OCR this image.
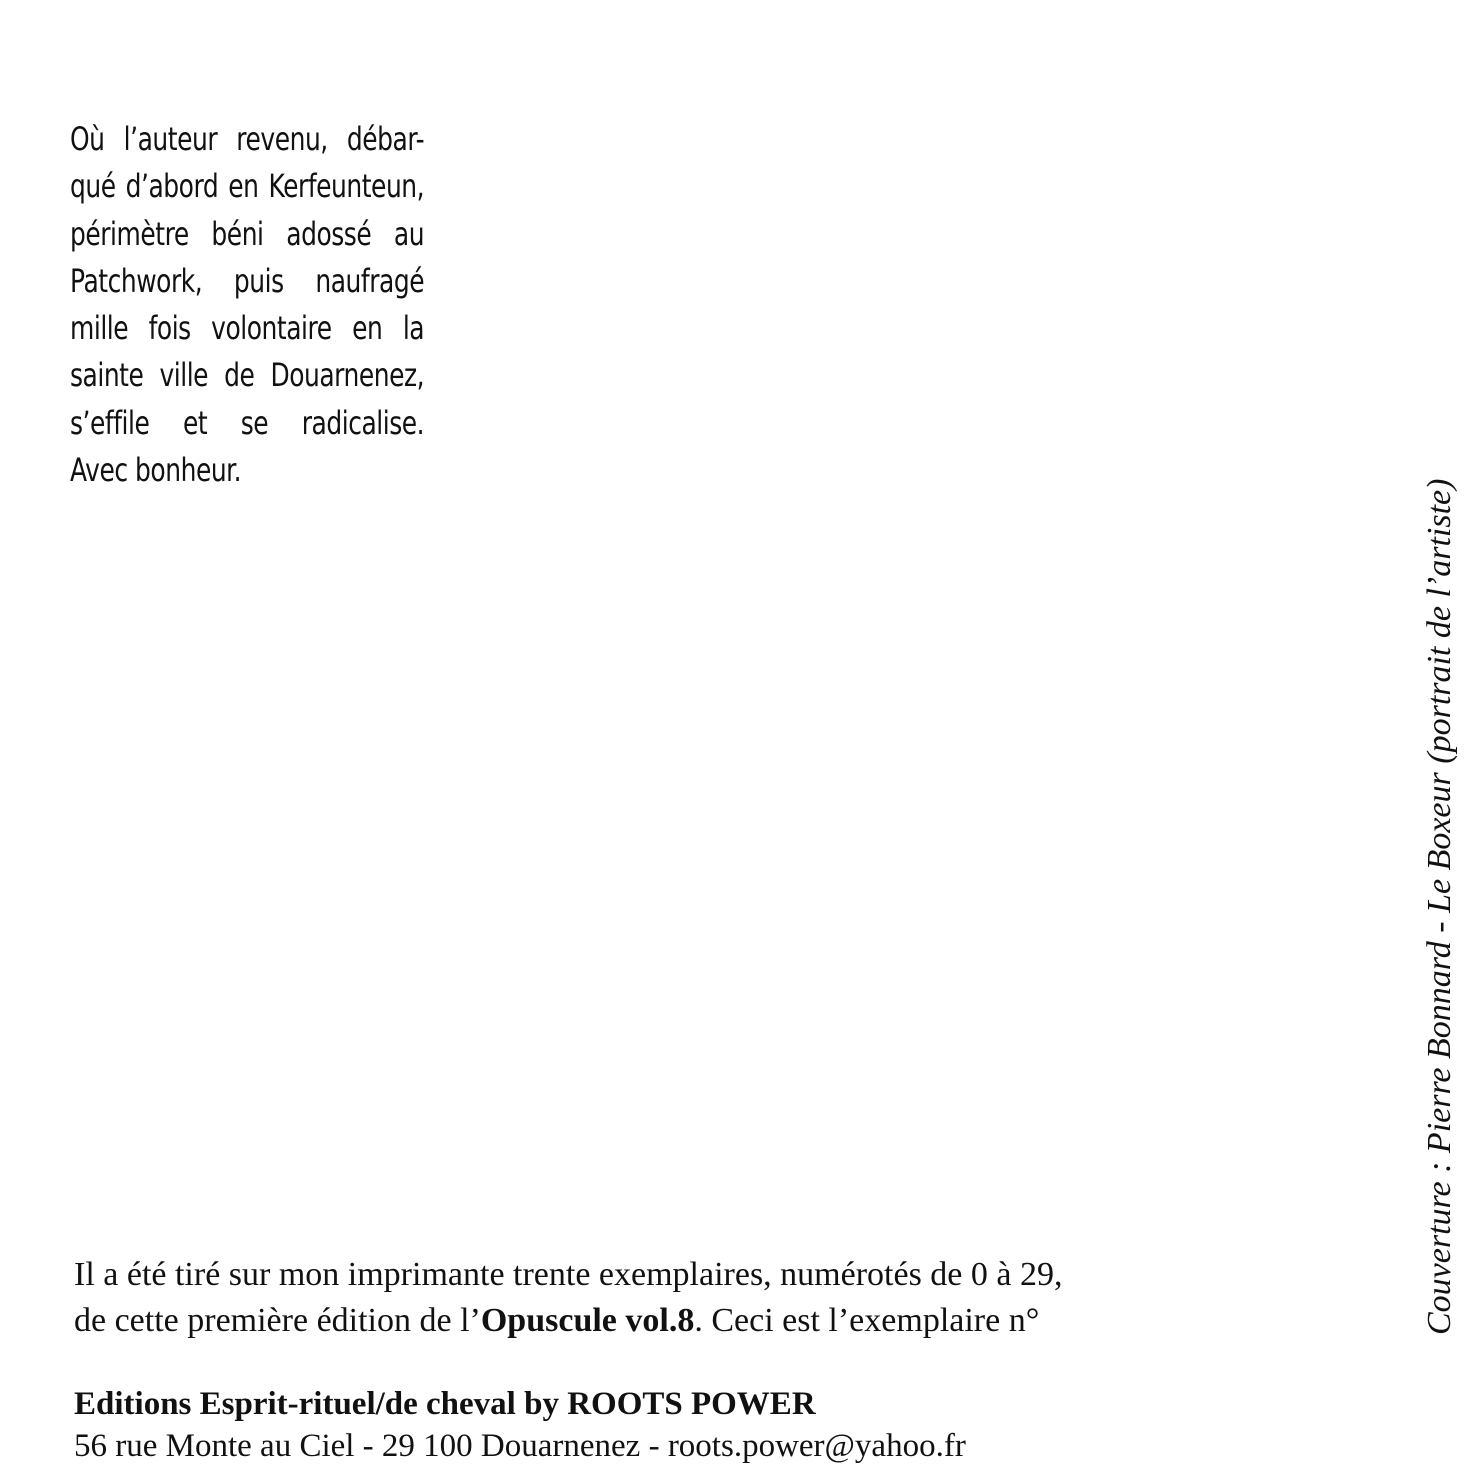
Où l’auteur revenu, débar-
qué d’abord en Kerfeunteun,
périmètre béni adossé au
Patchwork, puis naufragé
mille fois volontaire en la
sainte ville de Douarnenez,
s’effile et se radicalise.
Avec bonheur.
Couverture : Pierre Bonnard - Le Boxeur (portrait de l’artiste)
Il a été tiré sur mon imprimante trente exemplaires, numérotés de 0 à 29,
de cette première édition de l’Opuscule vol.8. Ceci est l’exemplaire n°
Editions Esprit-rituel/de cheval by ROOTS POWER
56 rue Monte au Ciel - 29 100 Douarnenez - roots.power@yahoo.fr
